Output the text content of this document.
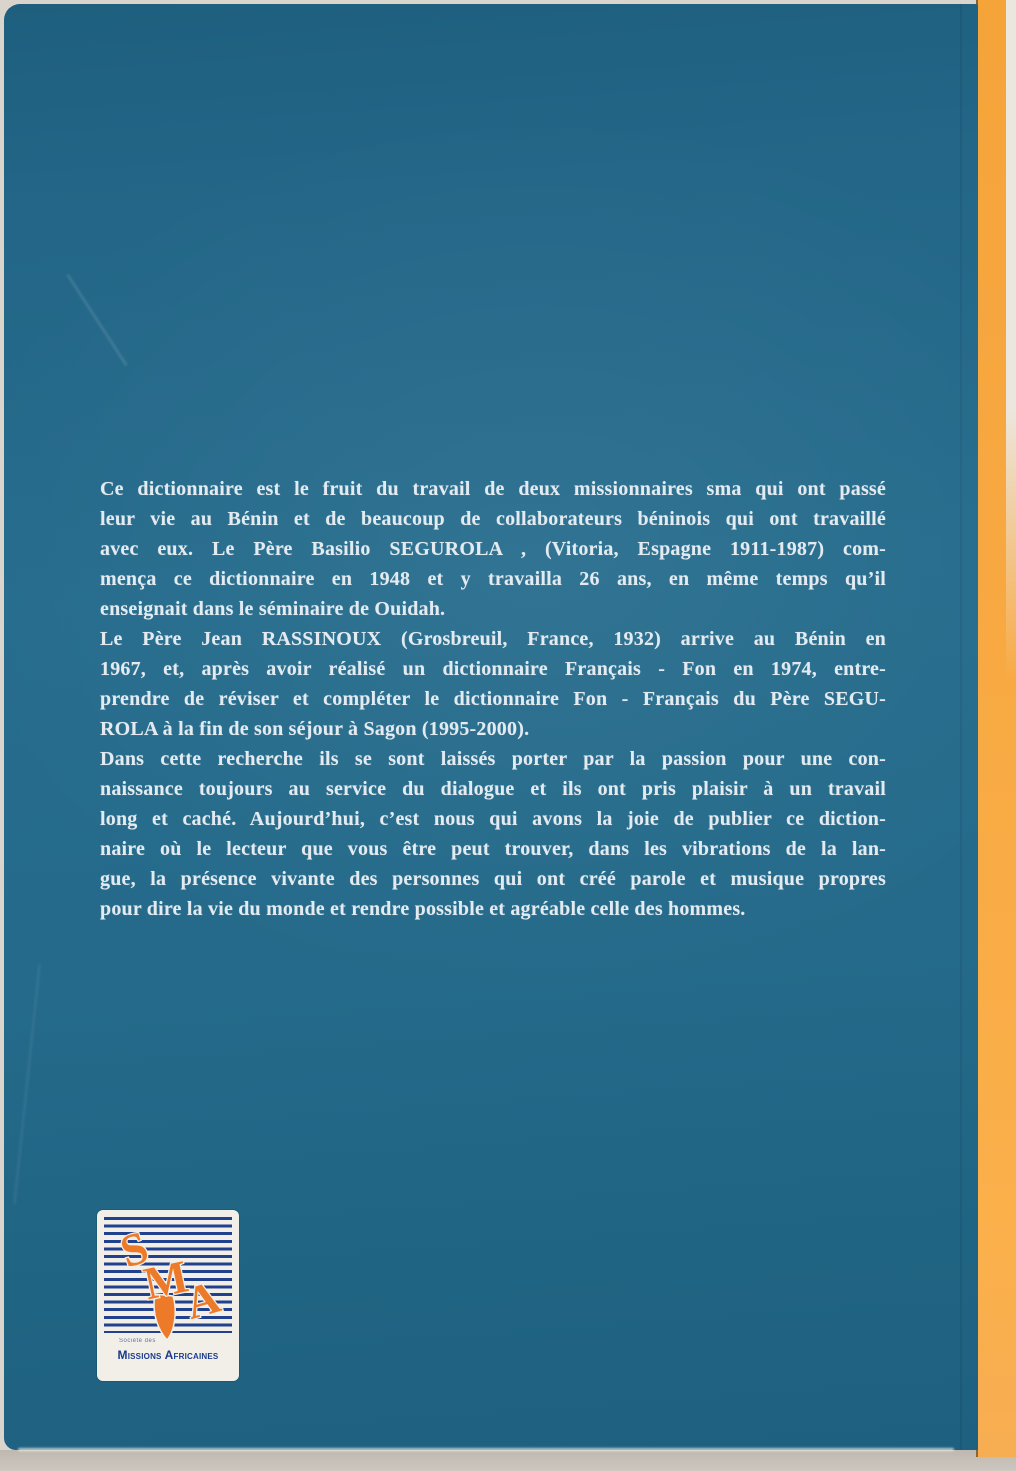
Ce dictionnaire est le fruit du travail de deux missionnaires sma qui ont passé
leur vie au Bénin et de beaucoup de collaborateurs béninois qui ont travaillé
avec eux. Le Père Basilio SEGUROLA , (Vitoria, Espagne 1911-1987) com-
mença ce dictionnaire en 1948 et y travailla 26 ans, en même temps qu’il
enseignait dans le séminaire de Ouidah.
Le Père Jean RASSINOUX (Grosbreuil, France, 1932) arrive au Bénin en
1967, et, après avoir réalisé un dictionnaire Français - Fon en 1974, entre-
prendre de réviser et compléter le dictionnaire Fon - Français du Père SEGU-
ROLA à la fin de son séjour à Sagon (1995-2000).
Dans cette recherche ils se sont laissés porter par la passion pour une con-
naissance toujours au service du dialogue et ils ont pris plaisir à un travail
long et caché. Aujourd’hui, c’est nous qui avons la joie de publier ce diction-
naire où le lecteur que vous être peut trouver, dans les vibrations de la lan-
gue, la présence vivante des personnes qui ont créé parole et musique propres
pour dire la vie du monde et rendre possible et agréable celle des hommes.
S
M
A
Société des
Missions Africaines
